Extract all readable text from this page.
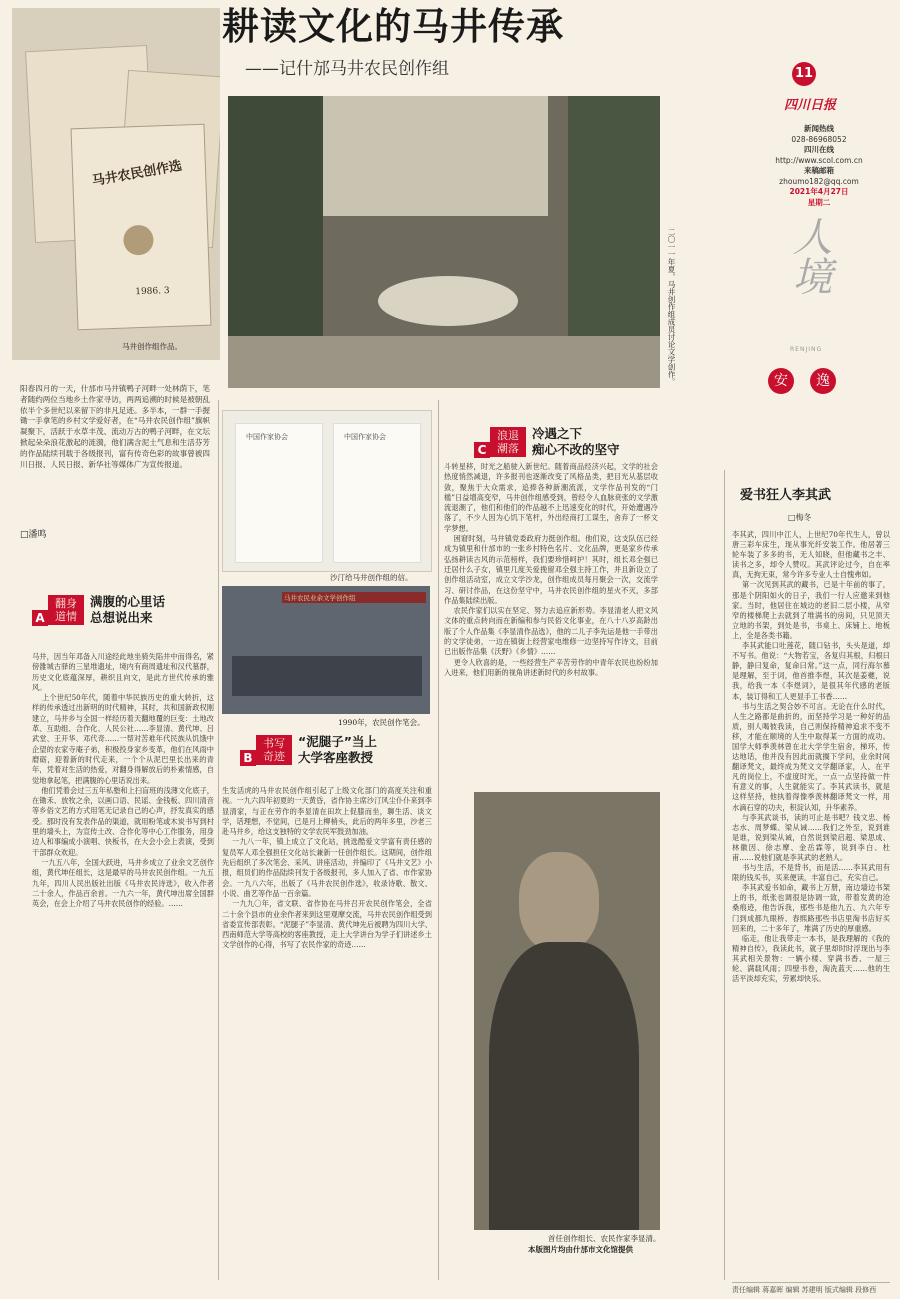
耕读文化的马井传承
——记什邡马井农民创作组
马井农民创作选
1986. 3
马井创作组作品。

阳春四月的一天，什邡市马井镇鸭子河畔一处林荫下，笔者随约两位当地乡土作家寻访，两两追溯的时候是被朝乱依半个多世纪以来留下的非凡足迹。多半本，一群一手握锄一手拿笔的乡村文学爱好者，在“马井农民创作组”旗帜凝聚下，活跃于水草丰茂、流动万古的鸭子河畔，在文坛掀起朵朵浪花激起的涟漪，他们满含泥土气息和生活芬芳的作品陆续刊载于各级报刊，富有传奇色彩的故事曾被四川日报、人民日报、新华社等媒体广为宣传报道。

□潘鸣
二〇一一年夏，马井创作组成员讨论文学创作。
中国作家协会	中国作家协会
沙汀给马井创作组的信。
马井农民业余文学创作组
1990年，农民创作笔会。
A
翻身道情
满腹的心里话
总想说出来

马井，因当年邓备入川途经此地坐骑失陷井中而得名，紧傍雒城古驿的三星堆遗址，境内有商周遗址和汉代墓群，历史文化底蕴深厚，耕织且向文，是此方世代传承的雅风。
上个世纪50年代，随着中华民族历史的重大转折，这样的传承透过出新明的时代精神，其时，共和国新政权刚建立，马井乡与全国一样经历着天翻地覆的巨变：土地改革、互助组、合作化、人民公社……李显清、黄代坤、吕武堂、王开华、邓代奇……一帮对苦难年代民族从饥饿中企望的农家寺庵子弟，积极投身家乡变革，他们在风雨中磨砺，迎着新的时代走来，一个个从泥巴里长出来的青年，凭着对生活的热爱，对翻身得解放后的朴素情感，自觉地拿起笔，把满腹的心里话说出来。
他们凭着会过三五年私塾和上扫盲班的浅薄文化底子，在锄禾、放牧之余，以画口语、民谣、金钱板、四川清音等乡俗文艺的方式用笔无记录自己的心声，抒发真实的感受。那时没有发表作品的渠道，就用粉笔或木炭书写到村里的墙头上，为宣传土改、合作化等中心工作服务，用身边人和事编成小演唱、快板书，在大会小会上表演，受到干部群众欢迎。
一九五八年，全国大跃进，马井乡成立了业余文艺创作组，黄代坤任组长，这是最早的马井农民创作组。一九五九年，四川人民出版社出版《马井农民诗选》，收入作者二十余人，作品百余首。一九六一年，黄代坤出席全国群英会，在会上介绍了马井农民创作的经验。……

B
书写奇迹
“泥腿子”当上
大学客座教授

生发活虎的马井农民创作组引起了上级文化部门的高度关注和重视。一九六四年初夏的一天黄昏，省作协主席沙汀风尘仆仆来到李显清家，与正在劳作的李显清在田坎上促膝而坐，聊生活、谈文学，话理想，不觉间，已是月上柳梢头，此后的两年多里，沙老三赴马井乡，给这支独特的文学农民军鼓劲加油。
一九八一年，镇上成立了文化站，挑选酷爱文学富有责任感的复员军人邓全强担任文化站长兼新一任创作组长。这期间，创作组先后组织了多次笔会、采风、讲座活动，并编印了《马井文艺》小报，组员们的作品陆续刊发于各级报刊，多人加入了省、市作家协会。一九八六年，出版了《马井农民创作选》，收录诗歌、散文、小说、曲艺等作品一百余篇。
一九九〇年，省文联、省作协在马井召开农民创作笔会，全省二十余个县市的业余作者来到这里观摩交流，马井农民创作组受到省委宣传部表彰。“泥腿子”李显清、黄代坤先后被聘为四川大学、西南师范大学等高校的客座教授，走上大学讲台为学子们讲述乡土文学创作的心得，书写了农民作家的奇迹……

C
浪退潮落
冷遇之下
痴心不改的坚守

斗转星移，时光之船驶入新世纪。随着商品经济兴起，文学的社会热度悄然减退，许多报刊也逐渐改变了风格品类，把目光从基层收敛，聚焦于大众需求，追捧各种新潮流派，文学作品刊发的“门槛”日益增高变窄，马井创作组感受到，曾经令人血脉贲张的文学激流退潮了，他们和他们的作品越不上迅速变化的时代，开始遭遇冷落了，不少人因为心饥下笔杆，外出经商打工谋生，舍弃了一杯文学梦想。
困窘时刻，马井镇党委政府力挺创作组。他们说，这支队伍已经成为镇里和什邡市的一张乡村特色名片、文化品牌，更是家乡传承弘扬耕读古风的示范榜样，我们要珍惜呵护！其时，组长邓全强已迁居什么子女，镇里几度关爱挽留邓全强主持工作，并且新设立了创作组活动室，成立文学沙龙，创作组成员每月聚会一次，交流学习、研讨作品，在这份坚守中，马井农民创作组的星火不灭，多部作品集陆续出版。
农民作家们以实在坚定、努力去追应新形势。李显清老人把文风文体的重点转向而在新编和参与民俗文化事业，在八十八岁高龄出版了个人作品集《李显清作品选》，他的二儿子李先运是他一手带出的文学徒弟，一边在镇街上经营家电维修一边坚持写作诗文，目前已出版作品集《沃野》《乡情》……
更令人欣喜的是，一些经营生产辛苦劳作的中青年农民也纷纷加入进来，他们用新的视角讲述新时代的乡村故事。

首任创作组长、农民作家李显清。
本版图片均由什邡市文化馆提供
11
四川日报
新闻热线
028-86968052
四川在线
http://www.scol.com.cn
来稿邮箱
zhoumo182@qq.com
2021年4月27日
星期二
人境
RENJING
安	逸
爱书狂人李其武
□梅冬

李其武，四川中江人，上世纪70年代生人，曾以唐三彩车床生，现从事光纤安装工作。他居著三轮车装了多多的书，无人知晓，但他藏书之丰、读书之多，却令人赞叹。其武评论过今，自在率真，无拘无束，常今许多专业人士自愧弗如。
第一次见到其武的藏书，已是十年前的事了，那是个阴阳如火的日子，我们一行人应邀来到他家。当时，他居住在城边的老旧二层小楼，从窄窄的楼梯爬上去就到了堆满书的房间，只见顶天立地的书架，到处是书，书桌上、床铺上、地板上，全是各类书籍。
李其武能口吐莲花，随口钻书，头头是道，却不写书。他说：“大物若宝，各复归其根，归根曰静，静曰复命，复命曰常。”这一点，同行海尔慕是理解，至于词，他首推李煜，其次是姜夔，说我，给我一本《李煜词》，是很其年代感的老版本，装订得和工人更显手工书香……
书与生活之契合妙不可言。无论在什么时代，人生之路都是曲折的，而坚持学习是一种好的品质，别人喝彼我读，自己则保持精神追求不变不移，才能在顺境的人生中取得某一方面的成功。国学大师季羡林曾在北大学学生宿舍，梯环，传达地话，他并没有因此而就搁下学问，业余时间翻译梵文，最终成为梵文文学翻译家，人，在平凡的岗位上，不虚度时光，一点一点坚持做一件有意义的事，人生就能实了。李其武读书，就是这样坚持，他执着得像季羡林翻译梵文一样，用水滴石穿的功夫，积淀认知，升华素养。
与李其武谈书，读的可止是书吧？钱文忠、杨志水、周梦蝶、梁从诫……我们之外至，说到谁是谁，说到梁从诫，自然说到梁启超、梁思成、林徽因、徐志摩、金岳霖等，说到李白、杜甫……说他们就是李其武的老熟人。
书与生活，不是背书，而是活……李其武用有限的钱买书，买来便读，丰富自己，充实自己。
李其武爱书如命，藏书上万册，南边墙边书架上的书，纸张也调很是协调一致，带着发黄的沧桑痕迹，他告诉我，那些书是他九五、九六年专门到成都九眼桥、春熙路那些书店里淘书店好买回来的，二十多年了，堆满了历史的厚重感。
临走，他让我带走一本书，是我理解的《我的精神自传》，我读此书，就子里却时时浮现出与李其武相关景物：一辆小楼、穿满书香、一屋三轮、满载风雨；四壁书卷，淘洗蓝天……他的生活平淡却充实，劳累却快乐。

责任编辑 蒋嘉晖 编辑 苏建明 版式编辑 段修西
